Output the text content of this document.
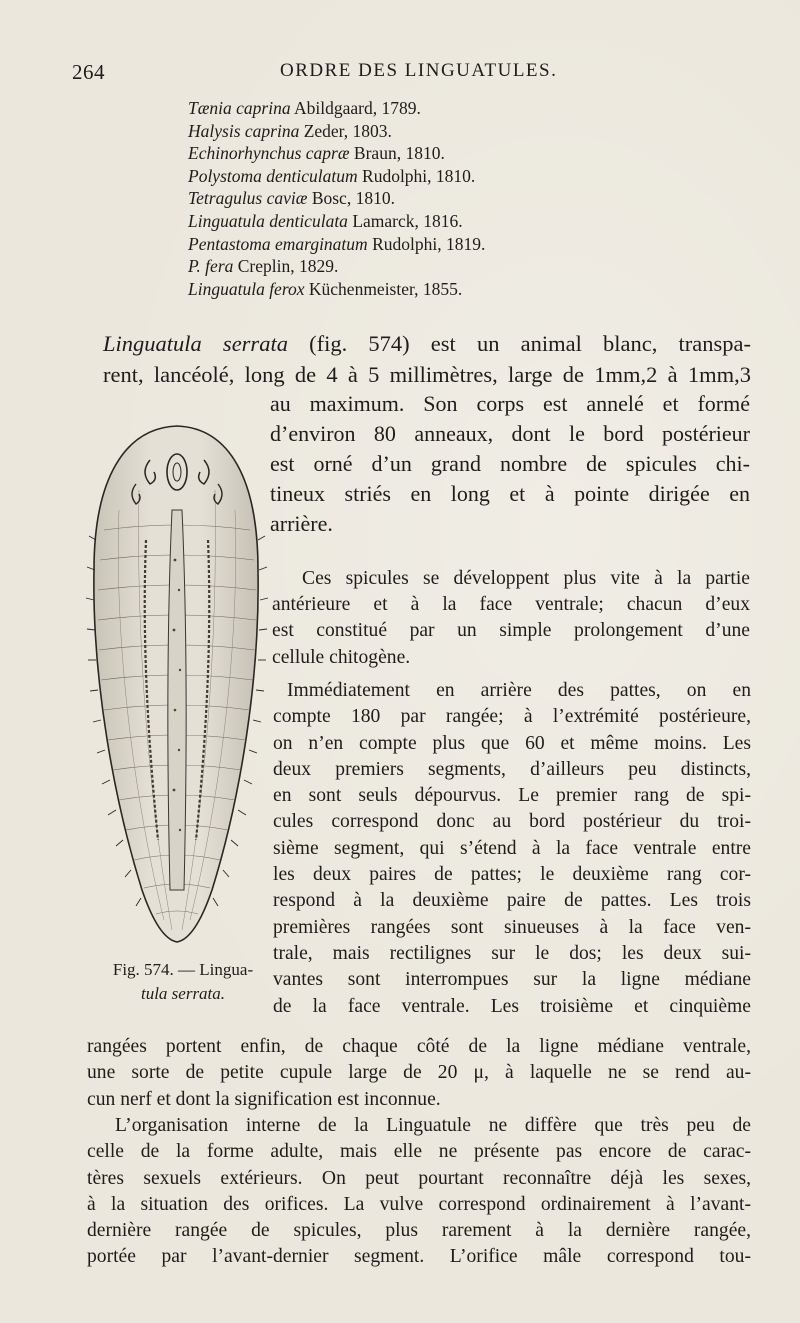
264	ORDRE DES LINGUATULES.
Tænia caprina Abildgaard, 1789.
Halysis caprina Zeder, 1803.
Echinorhynchus capræ Braun, 1810.
Polystoma denticulatum Rudolphi, 1810.
Tetragulus caviæ Bosc, 1810.
Linguatula denticulata Lamarck, 1816.
Pentastoma emarginatum Rudolphi, 1819.
P. fera Creplin, 1829.
Linguatula ferox Küchenmeister, 1855.
Linguatula serrata (fig. 574) est un animal blanc, transpa-
rent, lancéolé, long de 4 à 5 millimètres, large de 1mm,2 à 1mm,3
au maximum. Son corps est annelé et formé
d’environ 80 anneaux, dont le bord postérieur
est orné d’un grand nombre de spicules chi-
tineux striés en long et à pointe dirigée en
arrière.
Ces spicules se développent plus vite à la partie
antérieure et à la face ventrale; chacun d’eux
est constitué par un simple prolongement d’une
cellule chitogène.
Immédiatement en arrière des pattes, on en
compte 180 par rangée; à l’extrémité postérieure,
on n’en compte plus que 60 et même moins. Les
deux premiers segments, d’ailleurs peu distincts,
en sont seuls dépourvus. Le premier rang de spi-
cules correspond donc au bord postérieur du troi-
sième segment, qui s’étend à la face ventrale entre
les deux paires de pattes; le deuxième rang cor-
respond à la deuxième paire de pattes. Les trois
premières rangées sont sinueuses à la face ven-
trale, mais rectilignes sur le dos; les deux sui-
vantes sont interrompues sur la ligne médiane
de la face ventrale. Les troisième et cinquième
rangées portent enfin, de chaque côté de la ligne médiane ventrale,
une sorte de petite cupule large de 20 μ, à laquelle ne se rend au-
cun nerf et dont la signification est inconnue.
L’organisation interne de la Linguatule ne diffère que très peu de
celle de la forme adulte, mais elle ne présente pas encore de carac-
tères sexuels extérieurs. On peut pourtant reconnaître déjà les sexes,
à la situation des orifices. La vulve correspond ordinairement à l’avant-
dernière rangée de spicules, plus rarement à la dernière rangée,
portée par l’avant-dernier segment. L’orifice mâle correspond tou-
Fig. 574. — Lingua-
tula serrata.
